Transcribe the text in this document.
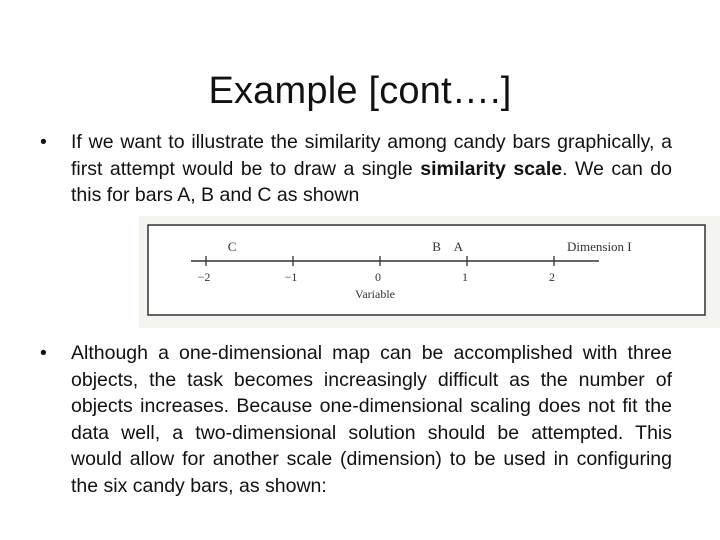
Example [cont….]
•	If we want to illustrate the similarity among candy bars graphically, a first attempt would be to draw a single similarity scale. We can do this for bars A, B and C as shown
−2	−1	0	1	2
C	B A	Dimension I
Variable
•	Although a one-dimensional map can be accomplished with three objects, the task becomes increasingly difficult as the number of objects increases. Because one-dimensional scaling does not fit the data well, a two-dimensional solution should be attempted. This would allow for another scale (dimension) to be used in configuring the six candy bars, as shown:
